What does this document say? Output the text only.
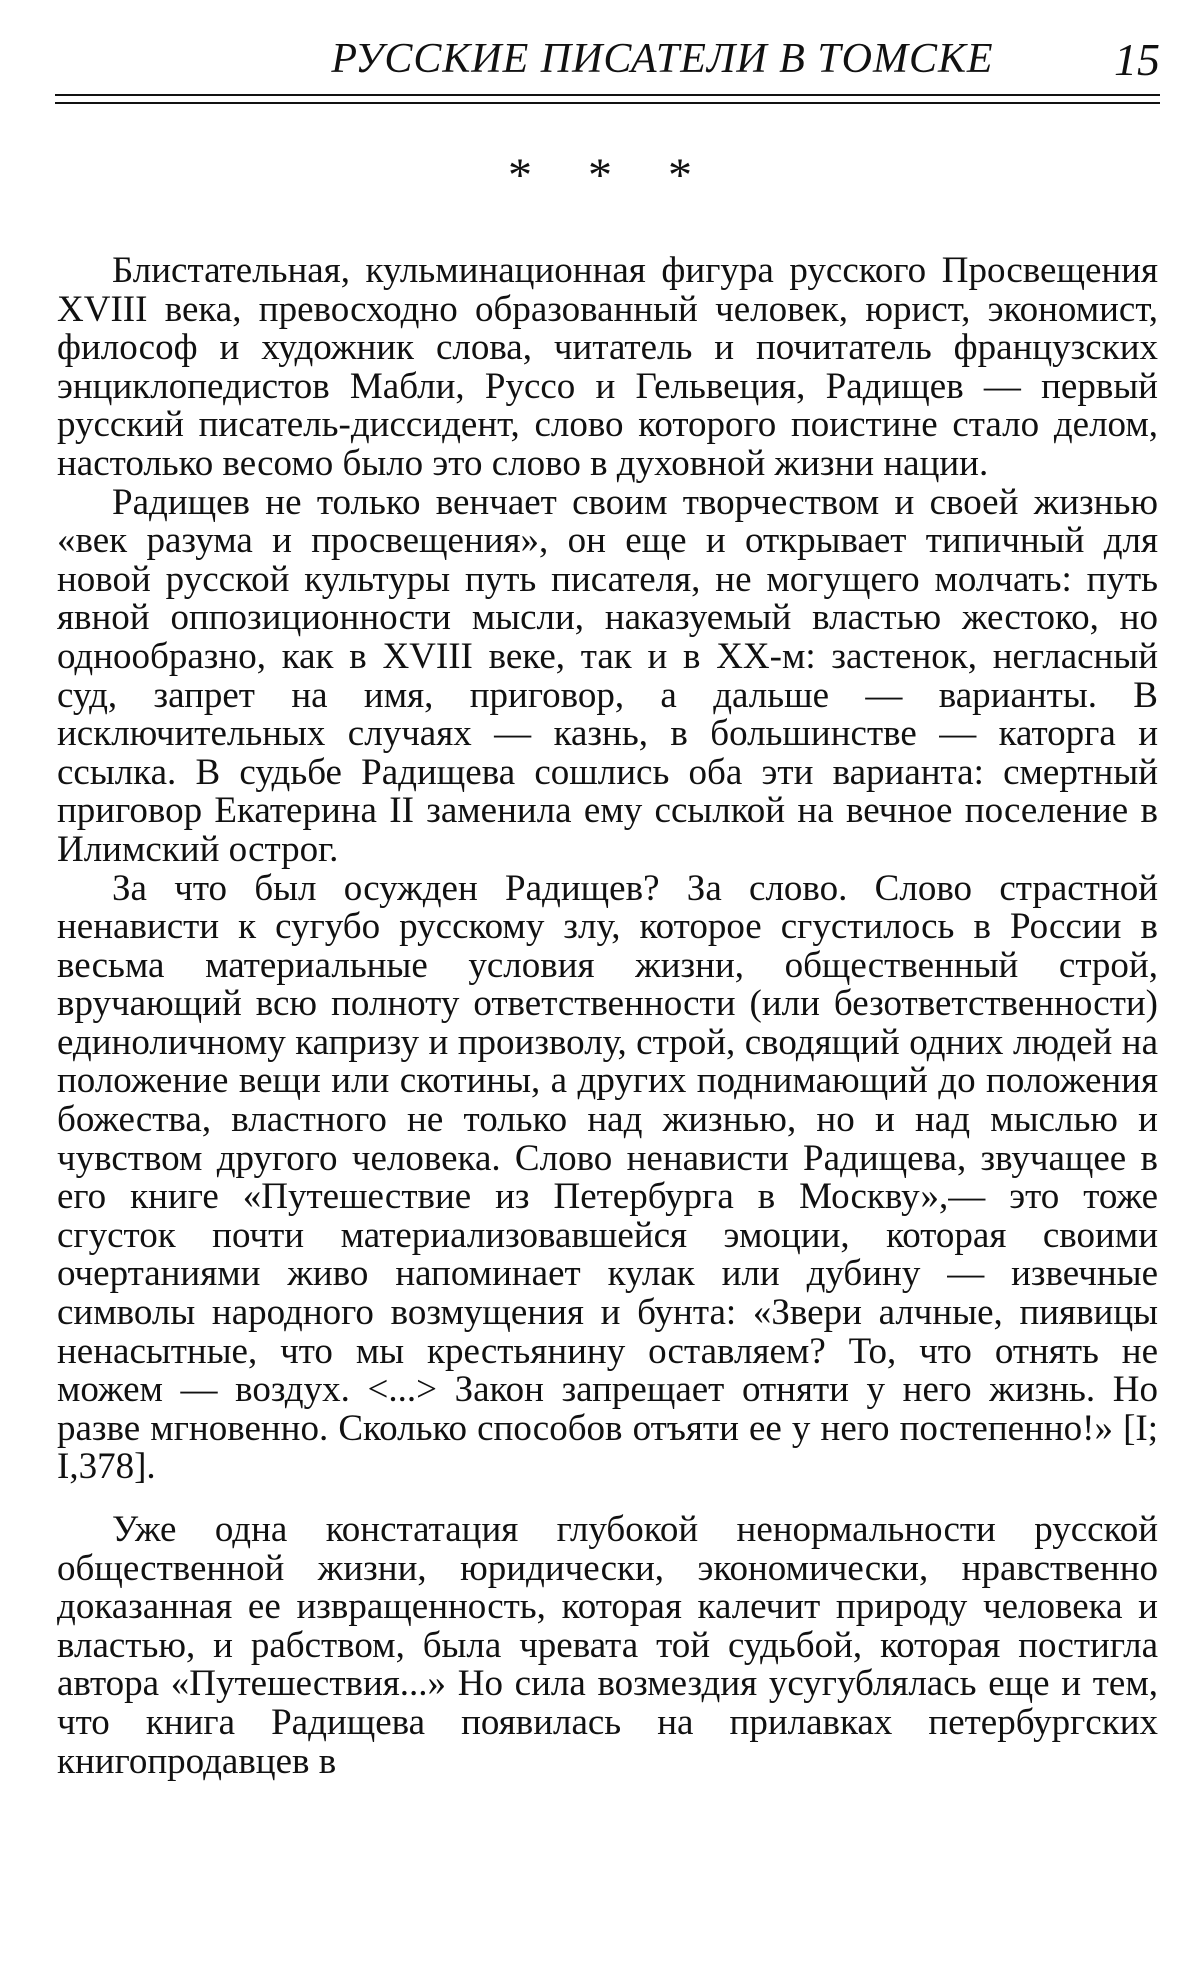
РУССКИЕ ПИСАТЕЛИ В ТОМСКЕ	15
* * *

Блистательная, кульминационная фигура русского Просвещения XVIII века, превосходно образованный человек, юрист, экономист, философ и художник слова, читатель и почитатель французских энциклопедистов Мабли, Руссо и Гельвеция, Радищев — первый русский писатель-диссидент, слово которого поистине стало делом, настолько весомо было это слово в духовной жизни нации.

Радищев не только венчает своим творчеством и своей жизнью «век разума и просвещения», он еще и открывает типичный для новой русской культуры путь писателя, не могущего молчать: путь явной оппозиционности мысли, наказуемый властью жестоко, но однообразно, как в XVIII веке, так и в XX-м: застенок, негласный суд, запрет на имя, приговор, а дальше — варианты. В исключительных случаях — казнь, в большинстве — каторга и ссылка. В судьбе Радищева сошлись оба эти варианта: смертный приговор Екатерина II заменила ему ссылкой на вечное поселение в Илимский острог.

За что был осужден Радищев? За слово. Слово страстной ненависти к сугубо русскому злу, которое сгустилось в России в весьма материальные условия жизни, общественный строй, вручающий всю полноту ответственности (или безответственности) единоличному капризу и произволу, строй, сводящий одних людей на положение вещи или скотины, а других поднимающий до положения божества, властного не только над жизнью, но и над мыслью и чувством другого человека. Слово ненависти Радищева, звучащее в его книге «Путешествие из Петербурга в Москву»,— это тоже сгусток почти материализовавшейся эмоции, которая своими очертаниями живо напоминает кулак или дубину — извечные символы народного возмущения и бунта: «Звери алчные, пиявицы ненасытные, что мы крестьянину оставляем? То, что отнять не можем — воздух. <...> Закон запрещает отняти у него жизнь. Но разве мгновенно. Сколько способов отъяти ее у него постепенно!» [I; I,378].

Уже одна констатация глубокой ненормальности русской общественной жизни, юридически, экономически, нравственно доказанная ее извращенность, которая калечит природу человека и властью, и рабством, была чревата той судьбой, которая постигла автора «Путешествия...» Но сила возмездия усугублялась еще и тем, что книга Радищева появилась на прилавках петербургских книгопродавцев в
